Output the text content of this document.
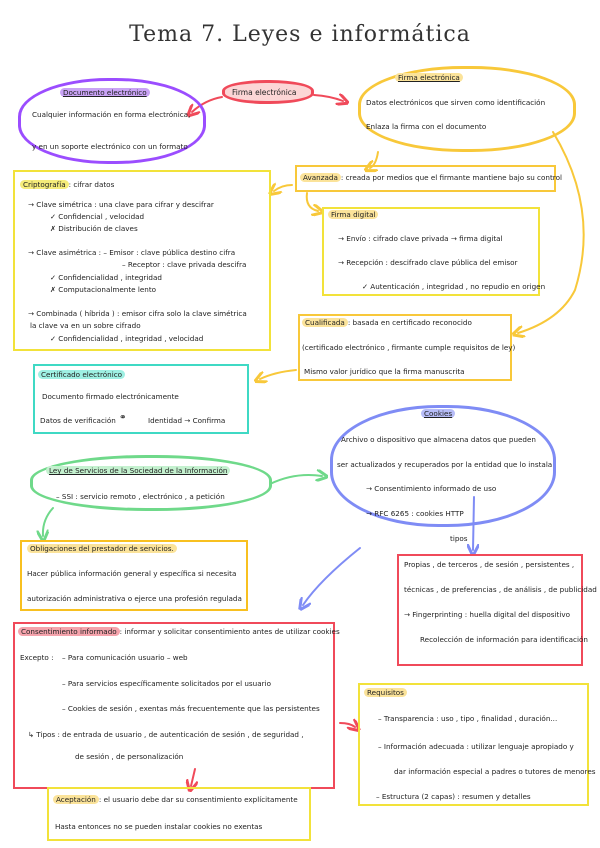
Tema 7. Leyes e informática
Documento electrónico
Cualquier información en forma electrónica,
y en un soporte electrónico con un formato
Firma electrónica
Firma electrónica
Datos electrónicos que sirven como identificación
Enlaza la firma con el documento
Avanzada : creada por medios que el firmante mantiene bajo su control
Criptografía : cifrar datos
→ Clave simétrica : una clave para cifrar y descifrar
✓ Confidencial , velocidad
✗ Distribución de claves
→ Clave asimétrica : – Emisor : clave pública destino cifra
– Receptor : clave privada descifra
✓ Confidencialidad , integridad
✗ Computacionalmente lento
→ Combinada ( híbrida ) : emisor cifra solo la clave simétrica
la clave va en un sobre cifrado
✓ Confidencialidad , integridad , velocidad
Firma digital
→ Envío : cifrado clave privada → firma digital
→ Recepción : descifrado clave pública del emisor
✓ Autenticación , integridad , no repudio en origen
Cualificada : basada en certificado reconocido
(certificado electrónico , firmante cumple requisitos de ley)
Mismo valor jurídico que la firma manuscrita
Certificado electrónico
Documento firmado electrónicamente
Datos de verificación ⚭	Identidad → Confirma
Cookies
Archivo o dispositivo que almacena datos que pueden
ser actualizados y recuperados por la entidad que lo instala
→ Consentimiento informado de uso
→ RFC 6265 : cookies HTTP
tipos
Ley de Servicios de la Sociedad de la Información
– SSI : servicio remoto , electrónico , a petición
Obligaciones del prestador de servicios.
Hacer pública información general y específica si necesita
autorización administrativa o ejerce una profesión regulada
Propias , de terceros , de sesión , persistentes ,
técnicas , de preferencias , de análisis , de publicidad
→ Fingerprinting : huella digital del dispositivo
Recolección de información para identificación
Consentimiento informado : informar y solicitar consentimiento antes de utilizar cookies
Excepto : – Para comunicación usuario – web
– Para servicios específicamente solicitados por el usuario
– Cookies de sesión , exentas más frecuentemente que las persistentes
↳ Tipos : de entrada de usuario , de autenticación de sesión , de seguridad ,
de sesión , de personalización
Requisitos
– Transparencia : uso , tipo , finalidad , duración...
– Información adecuada : utilizar lenguaje apropiado y
dar información especial a padres o tutores de menores
– Estructura (2 capas) : resumen y detalles
Aceptación : el usuario debe dar su consentimiento explícitamente
Hasta entonces no se pueden instalar cookies no exentas
